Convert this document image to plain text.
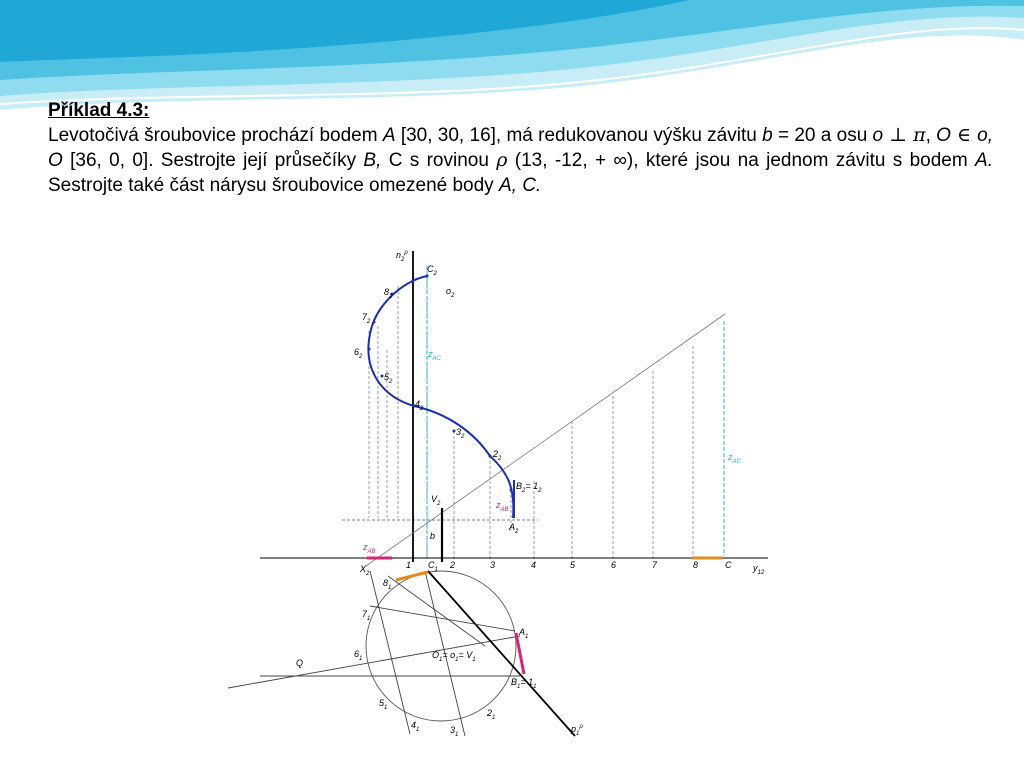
Příklad 4.3:

Levotočivá šroubovice prochází bodem A [30, 30, 16], má redukovanou výšku závitu b = 20 a osu o ⊥ π, O ∈ o, O [36, 0, 0]. Sestrojte její průsečíky B, C s rovinou ρ (13, -12, + ∞), které jsou na jednom závitu s bodem A. Sestrojte také část nárysu šroubovice omezené body A, C.

$n_2^\rho$
$C_2$
$o_2$
$8_2$
$7_2$
$6_2$
$5_2$
$4_2$
$3_2$
$2_2$
$B_2= 1_2$
$V_2$
$A_2$
$z_{AC}$
$z_{AC}$
$z_{AB}$
$z_{AB}$
b
$X_2$
$y_{12}$
1 $C_1$ 2	3	4	5	6	7	8	C
$8_1$
$7_1$
$6_1$
$5_1$
$4_1$	$3_1$
$2_1$
$A_1$
$B_1= 1_1$
$O_1= o_1= V_1$
Q
$p_1^\rho$
